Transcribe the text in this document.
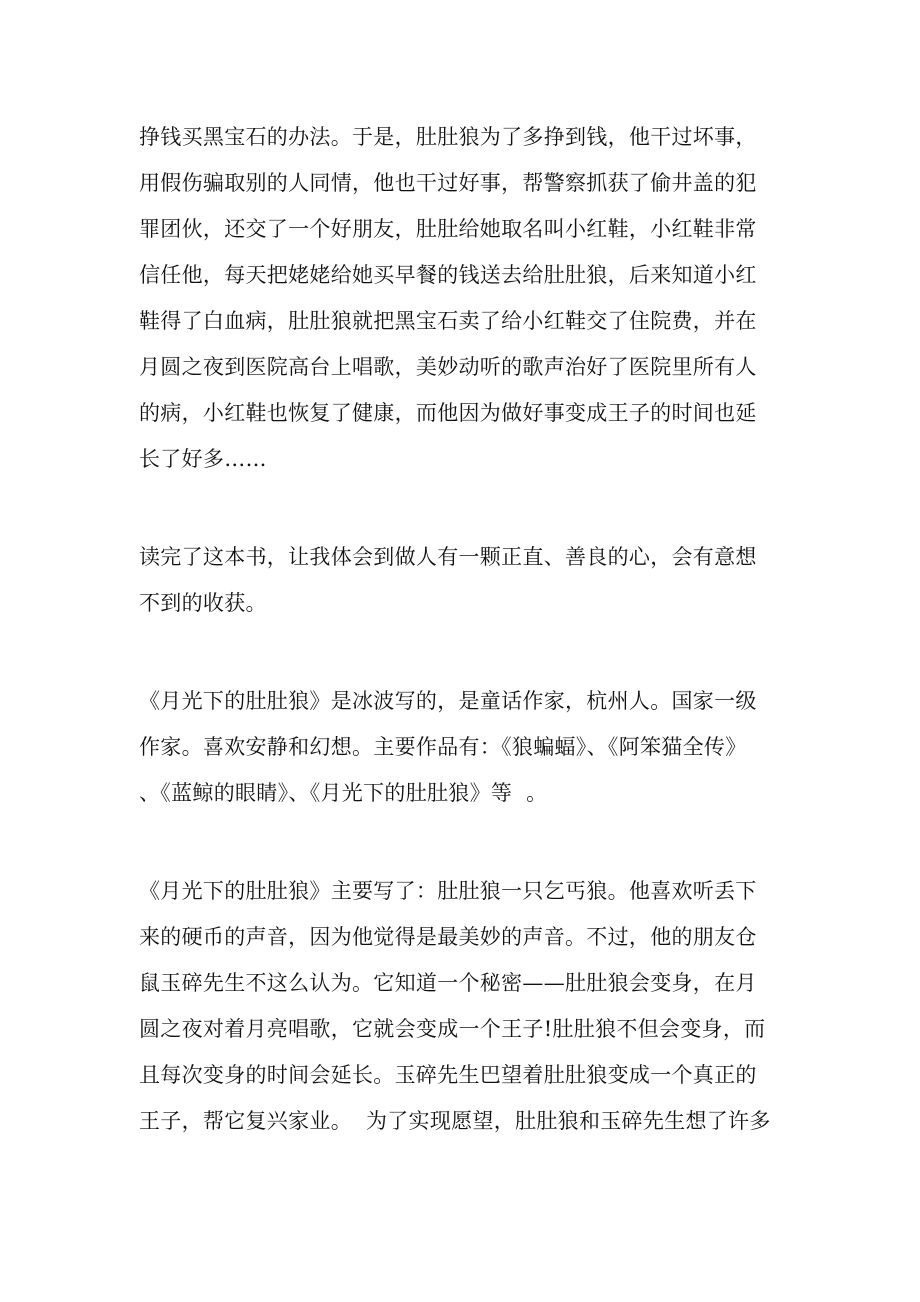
挣钱买黑宝石的办法。于是，肚肚狼为了多挣到钱，他干过坏事，
用假伤骗取别的人同情，他也干过好事，帮警察抓获了偷井盖的犯
罪团伙，还交了一个好朋友，肚肚给她取名叫小红鞋，小红鞋非常
信任他，每天把姥姥给她买早餐的钱送去给肚肚狼，后来知道小红
鞋得了白血病，肚肚狼就把黑宝石卖了给小红鞋交了住院费，并在
月圆之夜到医院高台上唱歌，美妙动听的歌声治好了医院里所有人
的病，小红鞋也恢复了健康，而他因为做好事变成王子的时间也延
长了好多……
读完了这本书，让我体会到做人有一颗正直、善良的心，会有意想
不到的收获。
《月光下的肚肚狼》是冰波写的，是童话作家，杭州人。国家一级
作家。喜欢安静和幻想。主要作品有：《狼蝙蝠》、《阿笨猫全传》
、《蓝鲸的眼睛》、《月光下的肚肚狼》等  。
《月光下的肚肚狼》主要写了：肚肚狼一只乞丐狼。他喜欢听丢下
来的硬币的声音，因为他觉得是最美妙的声音。不过，他的朋友仓
鼠玉碎先生不这么认为。它知道一个秘密——肚肚狼会变身，在月
圆之夜对着月亮唱歌，它就会变成一个王子!肚肚狼不但会变身，而
且每次变身的时间会延长。玉碎先生巴望着肚肚狼变成一个真正的
王子，帮它复兴家业。  为了实现愿望，肚肚狼和玉碎先生想了许多
